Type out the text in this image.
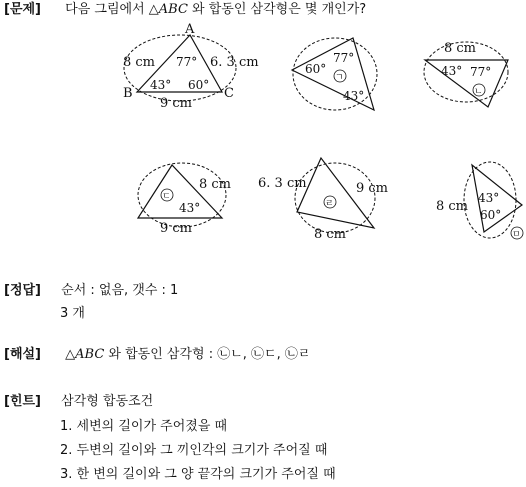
[문제] 다음 그림에서 △ABC 와 합동인 삼각형은 몇 개인가?
A
B	C
8 cm	6. 3 cm
9 cm
77°
43° 60°
60°
77°
43°
ㄱ
8 cm
43° 77°
ㄴ
8 cm
9 cm
43°
ㄷ
6. 3 cm	9 cm
8 cm
ㄹ	8 cm
43°
60°
ㅁ
[정답] 순서 : 없음, 갯수 : 1
3 개
[해설] △ABC 와 합동인 삼각형 : ㉡ㄴ, ㉡ㄷ, ㉡ㄹ
[힌트] 삼각형 합동조건
1. 세변의 길이가 주어졌을 때
2. 두변의 길이와 그 끼인각의 크기가 주어질 때
3. 한 변의 길이와 그 양 끝각의 크기가 주어질 때
